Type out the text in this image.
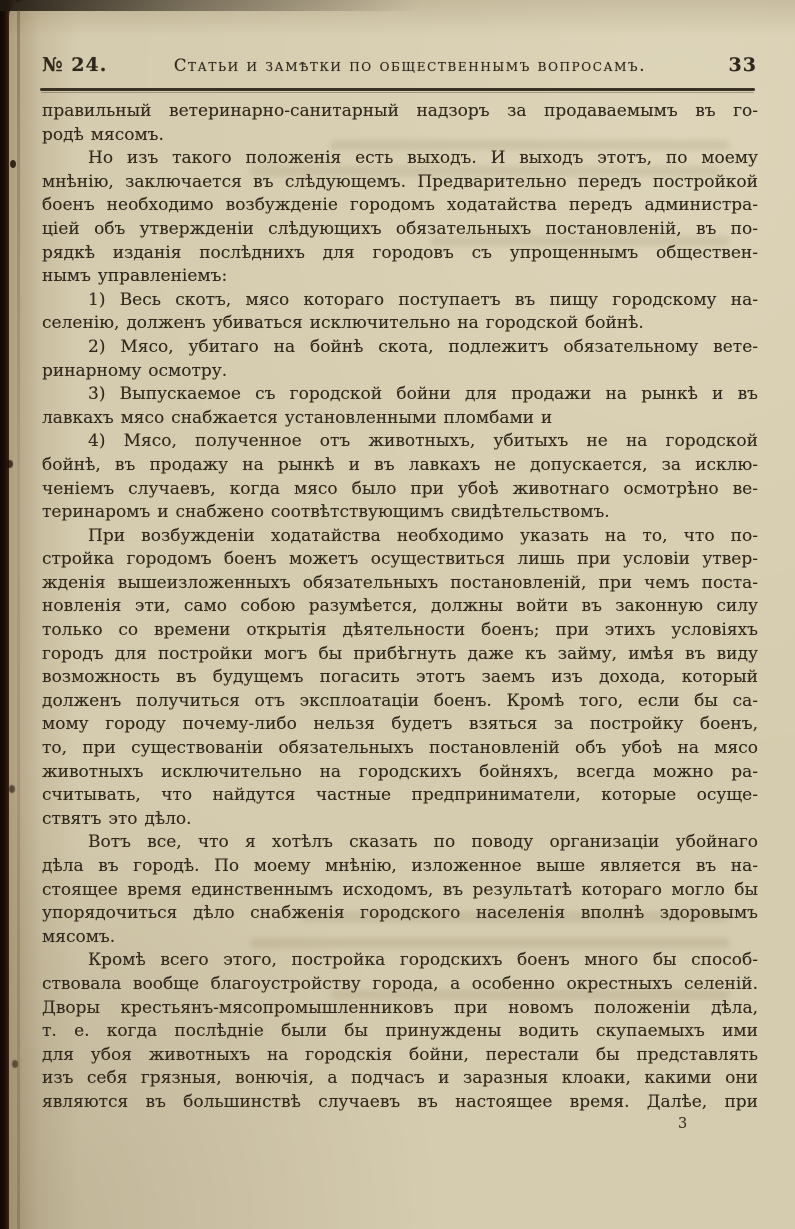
№ 24.	Статьи и замѣтки по общественнымъ вопросамъ.	33
правильный ветеринарно-санитарный надзоръ за продаваемымъ въ го-
родѣ мясомъ.
Но изъ такого положенія есть выходъ. И выходъ этотъ, по моему
мнѣнію, заключается въ слѣдующемъ. Предварительно передъ постройкой
боенъ необходимо возбужденіе городомъ ходатайства передъ администра-
ціей объ утвержденіи слѣдующихъ обязательныхъ постановленій, въ по-
рядкѣ изданія послѣднихъ для городовъ съ упрощеннымъ обществен-
нымъ управленіемъ:
1) Весь скотъ, мясо котораго поступаетъ въ пищу городскому на-
селенію, долженъ убиваться исключительно на городской бойнѣ.
2) Мясо, убитаго на бойнѣ скота, подлежитъ обязательному вете-
ринарному осмотру.
3) Выпускаемое съ городской бойни для продажи на рынкѣ и въ
лавкахъ мясо снабжается установленными пломбами и
4) Мясо, полученное отъ животныхъ, убитыхъ не на городской
бойнѣ, въ продажу на рынкѣ и въ лавкахъ не допускается, за исклю-
ченіемъ случаевъ, когда мясо было при убоѣ животнаго осмотрѣно ве-
теринаромъ и снабжено соотвѣтствующимъ свидѣтельствомъ.
При возбужденіи ходатайства необходимо указать на то, что по-
стройка городомъ боенъ можетъ осуществиться лишь при условіи утвер-
жденія вышеизложенныхъ обязательныхъ постановленій, при чемъ поста-
новленія эти, само собою разумѣется, должны войти въ законную силу
только со времени открытія дѣятельности боенъ; при этихъ условіяхъ
городъ для постройки могъ бы прибѣгнуть даже къ займу, имѣя въ виду
возможность въ будущемъ погасить этотъ заемъ изъ дохода, который
долженъ получиться отъ эксплоатаціи боенъ. Кромѣ того, если бы са-
мому городу почему-либо нельзя будетъ взяться за постройку боенъ,
то, при существованіи обязательныхъ постановленій объ убоѣ на мясо
животныхъ исключительно на городскихъ бойняхъ, всегда можно ра-
считывать, что найдутся частные предприниматели, которые осуще-
ствятъ это дѣло.
Вотъ все, что я хотѣлъ сказать по поводу организаціи убойнаго
дѣла въ городѣ. По моему мнѣнію, изложенное выше является въ на-
стоящее время единственнымъ исходомъ, въ результатѣ котораго могло бы
упорядочиться дѣло снабженія городского населенія вполнѣ здоровымъ
мясомъ.
Кромѣ всего этого, постройка городскихъ боенъ много бы способ-
ствовала вообще благоустройству города, а особенно окрестныхъ селеній.
Дворы крестьянъ-мясопромышленниковъ при новомъ положеніи дѣла,
т. е. когда послѣдніе были бы принуждены водить скупаемыхъ ими
для убоя животныхъ на городскія бойни, перестали бы представлять
изъ себя грязныя, вонючія, а подчасъ и заразныя клоаки, какими они
являются въ большинствѣ случаевъ въ настоящее время. Далѣе, при
3
